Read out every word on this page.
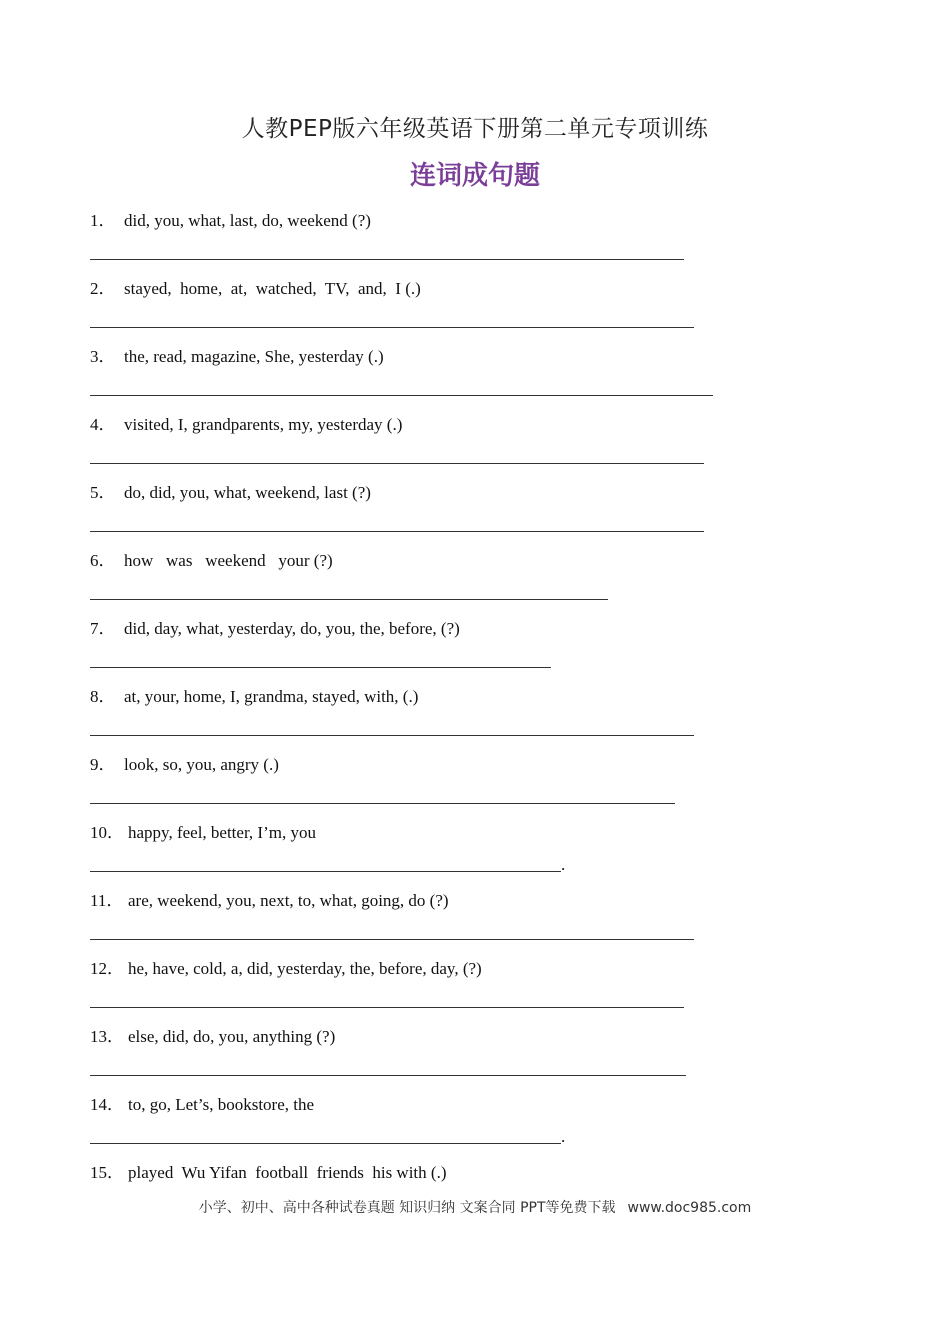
人教PEP版六年级英语下册第二单元专项训练
连词成句题
1． did, you, what, last, do, weekend (?)
2． stayed,  home,  at,  watched,  TV,  and,  I (.)
3． the, read, magazine, She, yesterday (.)
4． visited, I, grandparents, my, yesterday (.)
5． do, did, you, what, weekend, last (?)
6． how   was   weekend   your (?)
7． did, day, what, yesterday, do, you, the, before, (?)
8． at, your, home, I, grandma, stayed, with, (.)
9． look, so, you, angry (.)
10． happy, feel, better, I’m, you
.
11． are, weekend, you, next, to, what, going, do (?)
12． he, have, cold, a, did, yesterday, the, before, day, (?)
13． else, did, do, you, anything (?)
14． to, go, Let’s, bookstore, the
.
15． played  Wu Yifan  football  friends  his with (.)
小学、初中、高中各种试卷真题 知识归纳 文案合同 PPT等免费下载 www.doc985.com
